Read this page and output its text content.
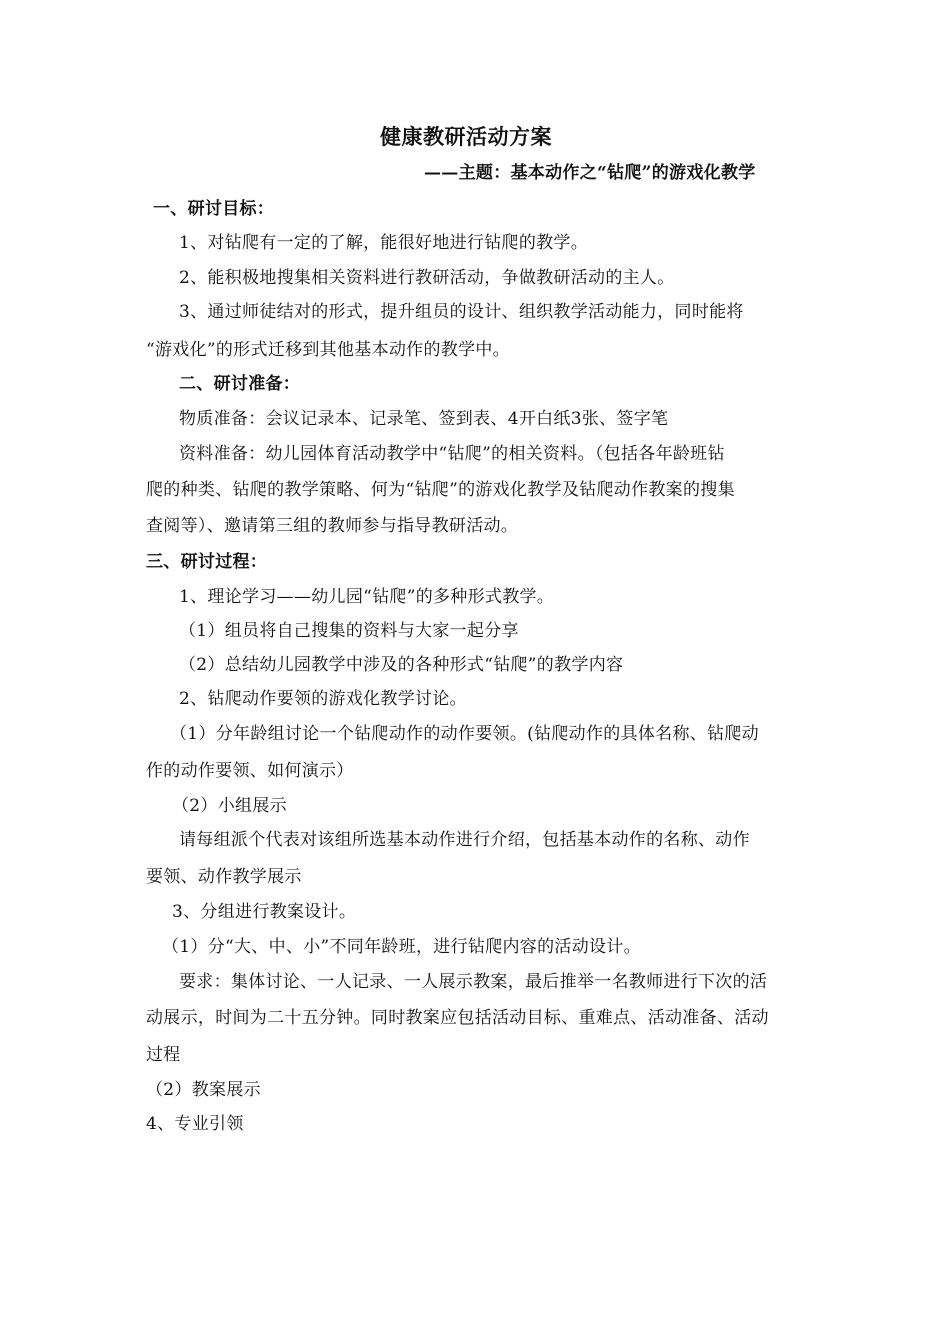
健康教研活动方案
——主题：基本动作之“钻爬”的游戏化教学
一、研讨目标：
1、对钻爬有一定的了解，能很好地进行钻爬的教学。
2、能积极地搜集相关资料进行教研活动，争做教研活动的主人。
3、通过师徒结对的形式，提升组员的设计、组织教学活动能力，同时能将
“游戏化”的形式迁移到其他基本动作的教学中。
二、研讨准备：
物质准备：会议记录本、记录笔、签到表、4开白纸3张、签字笔
资料准备：幼儿园体育活动教学中“钻爬”的相关资料。（包括各年龄班钻
爬的种类、钻爬的教学策略、何为“钻爬”的游戏化教学及钻爬动作教案的搜集
查阅等）、邀请第三组的教师参与指导教研活动。
三、研讨过程：
1、理论学习——幼儿园“钻爬”的多种形式教学。
（1）组员将自己搜集的资料与大家一起分享
（2）总结幼儿园教学中涉及的各种形式“钻爬”的教学内容
2、钻爬动作要领的游戏化教学讨论。
（1）分年龄组讨论一个钻爬动作的动作要领。(钻爬动作的具体名称、钻爬动
作的动作要领、如何演示）
（2）小组展示
请每组派个代表对该组所选基本动作进行介绍，包括基本动作的名称、动作
要领、动作教学展示
3、分组进行教案设计。
（1）分“大、中、小”不同年龄班，进行钻爬内容的活动设计。
要求：集体讨论、一人记录、一人展示教案，最后推举一名教师进行下次的活
动展示，时间为二十五分钟。同时教案应包括活动目标、重难点、活动准备、活动
过程
（2）教案展示
4、专业引领
